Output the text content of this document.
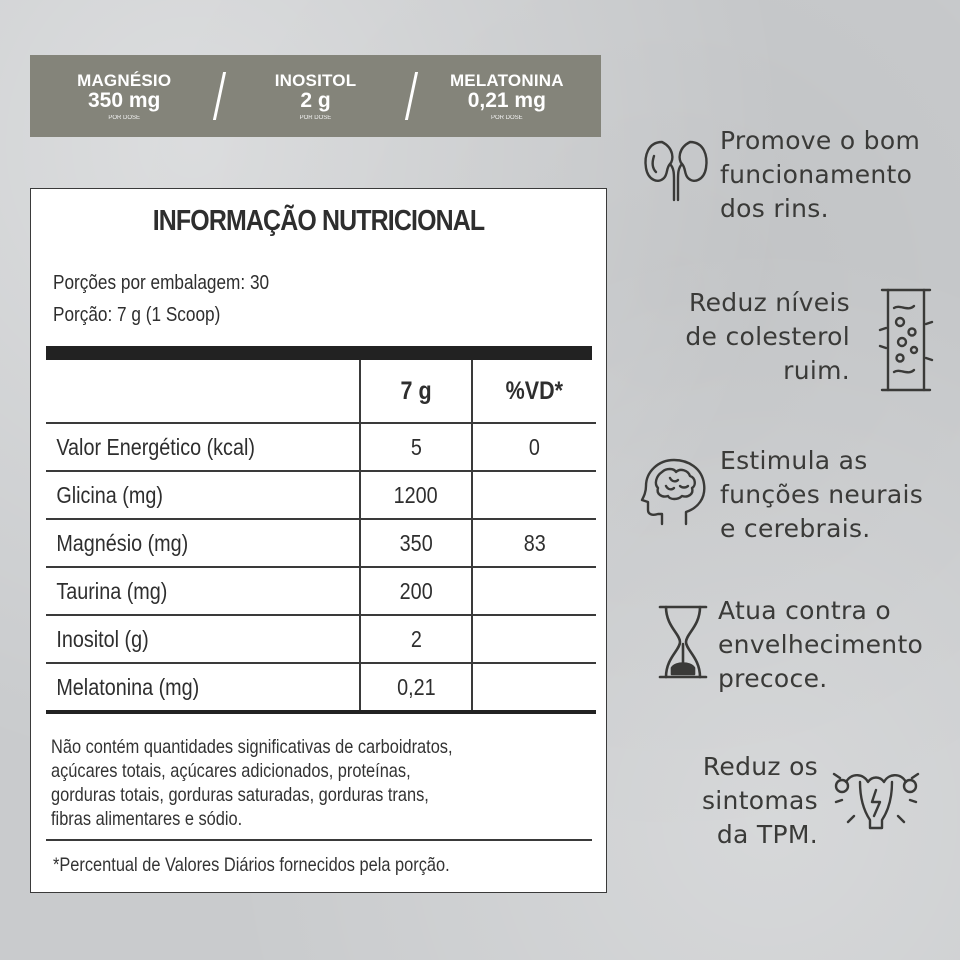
MAGNÉSIO
350 mg
POR DOSE
INOSITOL
2 g
POR DOSE
MELATONINA
0,21 mg
POR DOSE
INFORMAÇÃO NUTRICIONAL
Porções por embalagem: 30
Porção: 7 g (1 Scoop)
	7 g	%VD*
Valor Energético (kcal)	5	0
Glicina (mg)	1200	
Magnésio (mg)	350	83
Taurina (mg)	200	
Inositol (g)	2	
Melatonina (mg)	0,21	
Não contém quantidades significativas de carboidratos,
açúcares totais, açúcares adicionados, proteínas,
gorduras totais, gorduras saturadas, gorduras trans,
fibras alimentares e sódio.
*Percentual de Valores Diários fornecidos pela porção.
Promove o bom
funcionamento
dos rins.
Reduz níveis
de colesterol
ruim.
Estimula as
funções neurais
e cerebrais.
Atua contra o
envelhecimento
precoce.
Reduz os
sintomas
da TPM.
